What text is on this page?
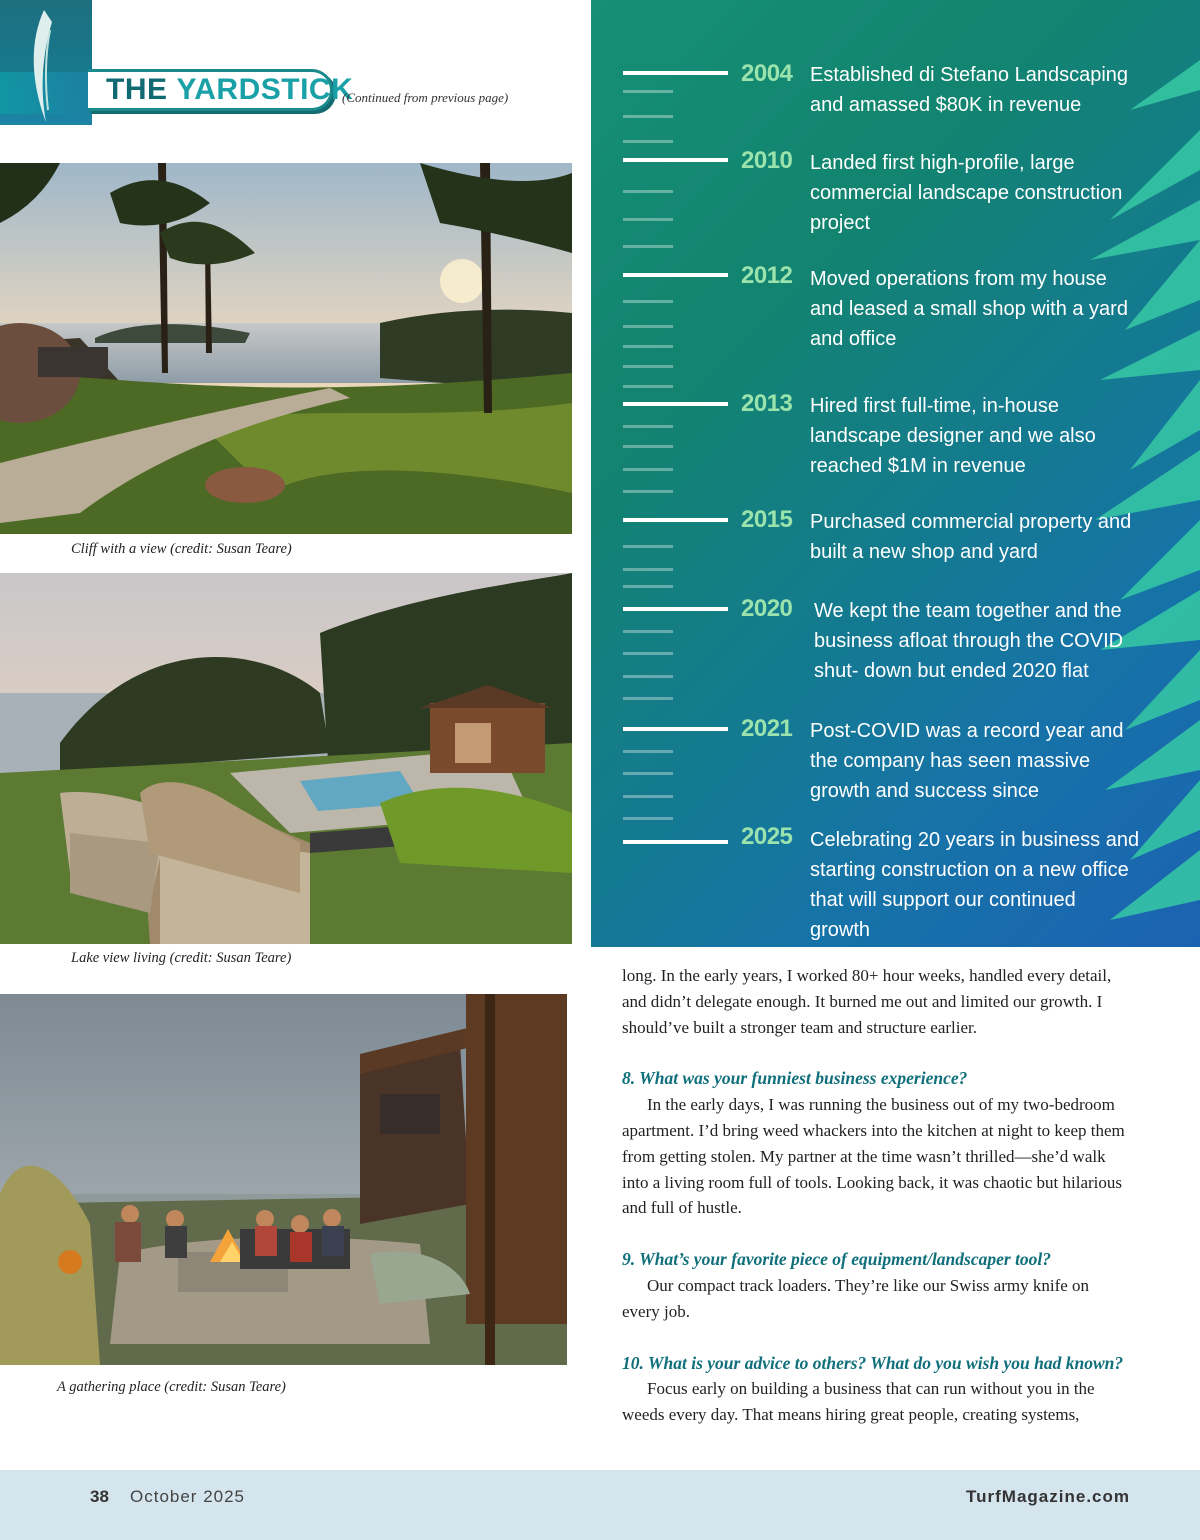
THE YARDSTICK
(Continued from previous page)
Cliff with a view (credit: Susan Teare)
Lake view living (credit: Susan Teare)
A gathering place (credit: Susan Teare)
2004 Established di Stefano Landscaping and amassed $80K in revenue
2010 Landed first high-profile, large commercial landscape construction project
2012 Moved operations from my house and leased a small shop with a yard and office
2013 Hired first full-time, in-house landscape designer and we also reached $1M in revenue
2015 Purchased commercial property and built a new shop and yard
2020 We kept the team together and the business afloat through the COVID shut- down but ended 2020 flat
2021 Post-COVID was a record year and the company has seen massive growth and success since
2025 Celebrating 20 years in business and starting construction on a new office that will support our continued growth

long. In the early years, I worked 80+ hour weeks, handled every detail, and didn’t delegate enough. It burned me out and limited our growth. I should’ve built a stronger team and structure earlier.

8. What was your funniest business experience?

In the early days, I was running the business out of my two-bedroom apartment. I’d bring weed whackers into the kitchen at night to keep them from getting stolen. My partner at the time wasn’t thrilled—she’d walk into a living room full of tools. Looking back, it was chaotic but hilarious and full of hustle.

9. What’s your favorite piece of equipment/landscaper tool?

Our compact track loaders. They’re like our Swiss army knife on every job.

10. What is your advice to others? What do you wish you had known?

Focus early on building a business that can run without you in the weeds every day. That means hiring great people, creating systems,

38 October 2025	TurfMagazine.com
